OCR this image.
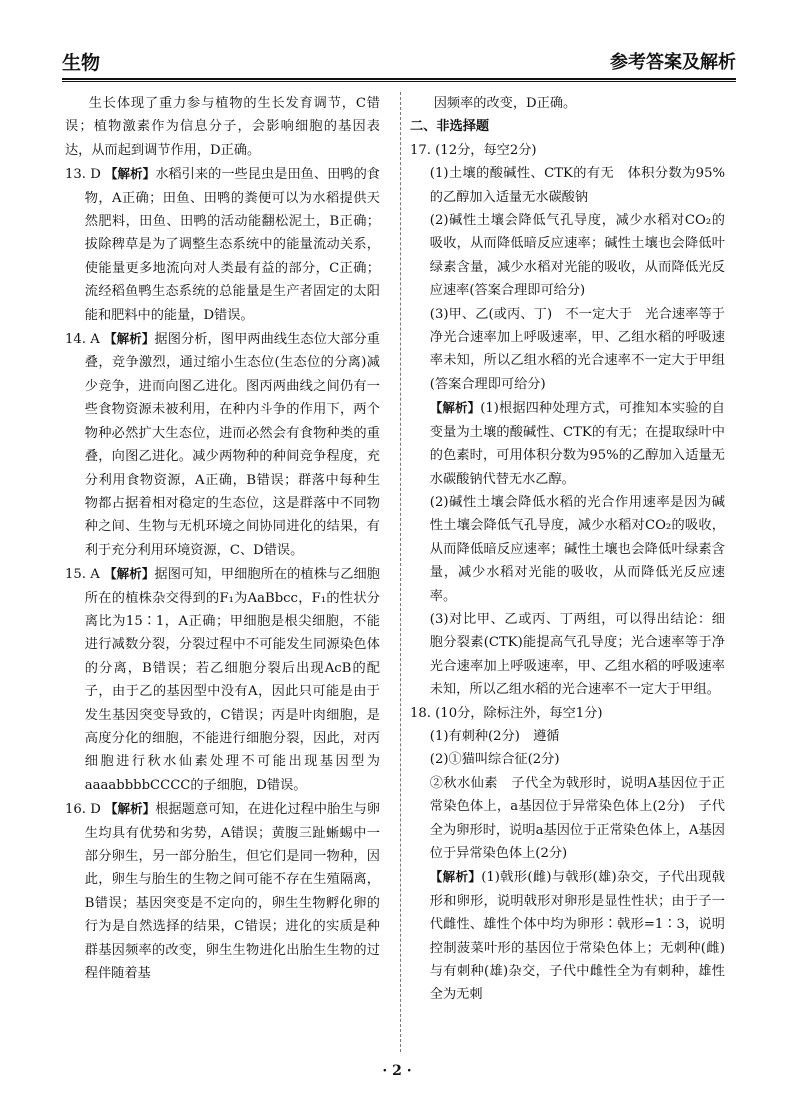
生物	参考答案及解析

生长体现了重力参与植物的生长发育调节，C错误；植物激素作为信息分子，会影响细胞的基因表达，从而起到调节作用，D正确。

13. D 【解析】水稻引来的一些昆虫是田鱼、田鸭的食物，A正确；田鱼、田鸭的粪便可以为水稻提供天然肥料，田鱼、田鸭的活动能翻松泥土，B正确；拔除稗草是为了调整生态系统中的能量流动关系，使能量更多地流向对人类最有益的部分，C正确；流经稻鱼鸭生态系统的总能量是生产者固定的太阳能和肥料中的能量，D错误。

14. A 【解析】据图分析，图甲两曲线生态位大部分重叠，竞争激烈，通过缩小生态位(生态位的分离)减少竞争，进而向图乙进化。图丙两曲线之间仍有一些食物资源未被利用，在种内斗争的作用下，两个物种必然扩大生态位，进而必然会有食物种类的重叠，向图乙进化。减少两物种的种间竞争程度，充分利用食物资源，A正确，B错误；群落中每种生物都占据着相对稳定的生态位，这是群落中不同物种之间、生物与无机环境之间协同进化的结果，有利于充分利用环境资源，C、D错误。

15. A 【解析】据图可知，甲细胞所在的植株与乙细胞所在的植株杂交得到的F₁为AaBbcc，F₁的性状分离比为15∶1，A正确；甲细胞是根尖细胞，不能进行减数分裂，分裂过程中不可能发生同源染色体的分离，B错误；若乙细胞分裂后出现AcB的配子，由于乙的基因型中没有A，因此只可能是由于发生基因突变导致的，C错误；丙是叶肉细胞，是高度分化的细胞，不能进行细胞分裂，因此，对丙细胞进行秋水仙素处理不可能出现基因型为aaaabbbbCCCC的子细胞，D错误。

16. D 【解析】根据题意可知，在进化过程中胎生与卵生均具有优势和劣势，A错误；黄腹三趾蜥蜴中一部分卵生，另一部分胎生，但它们是同一物种，因此，卵生与胎生的生物之间可能不存在生殖隔离，B错误；基因突变是不定向的，卵生生物孵化卵的行为是自然选择的结果，C错误；进化的实质是种群基因频率的改变，卵生生物进化出胎生生物的过程伴随着基

因频率的改变，D正确。

二、非选择题

17. (12分，每空2分)

(1)土壤的酸碱性、CTK的有无　体积分数为95%的乙醇加入适量无水碳酸钠

(2)碱性土壤会降低气孔导度，减少水稻对CO₂的吸收，从而降低暗反应速率；碱性土壤也会降低叶绿素含量，减少水稻对光能的吸收，从而降低光反应速率(答案合理即可给分)

(3)甲、乙(或丙、丁)　不一定大于　光合速率等于净光合速率加上呼吸速率，甲、乙组水稻的呼吸速率未知，所以乙组水稻的光合速率不一定大于甲组(答案合理即可给分)

【解析】(1)根据四种处理方式，可推知本实验的自变量为土壤的酸碱性、CTK的有无；在提取绿叶中的色素时，可用体积分数为95%的乙醇加入适量无水碳酸钠代替无水乙醇。

(2)碱性土壤会降低水稻的光合作用速率是因为碱性土壤会降低气孔导度，减少水稻对CO₂的吸收，从而降低暗反应速率；碱性土壤也会降低叶绿素含量，减少水稻对光能的吸收，从而降低光反应速率。

(3)对比甲、乙或丙、丁两组，可以得出结论：细胞分裂素(CTK)能提高气孔导度；光合速率等于净光合速率加上呼吸速率，甲、乙组水稻的呼吸速率未知，所以乙组水稻的光合速率不一定大于甲组。

18. (10分，除标注外，每空1分)

(1)有刺种(2分)　遵循

(2)①猫叫综合征(2分)

②秋水仙素　子代全为戟形时，说明A基因位于正常染色体上，a基因位于异常染色体上(2分)　子代全为卵形时，说明a基因位于正常染色体上，A基因位于异常染色体上(2分)

【解析】(1)戟形(雌)与戟形(雄)杂交，子代出现戟形和卵形，说明戟形对卵形是显性性状；由于子一代雌性、雄性个体中均为卵形∶戟形=1∶3，说明控制菠菜叶形的基因位于常染色体上；无刺种(雌)与有刺种(雄)杂交，子代中雌性全为有刺种，雄性全为无刺

· 2 ·
